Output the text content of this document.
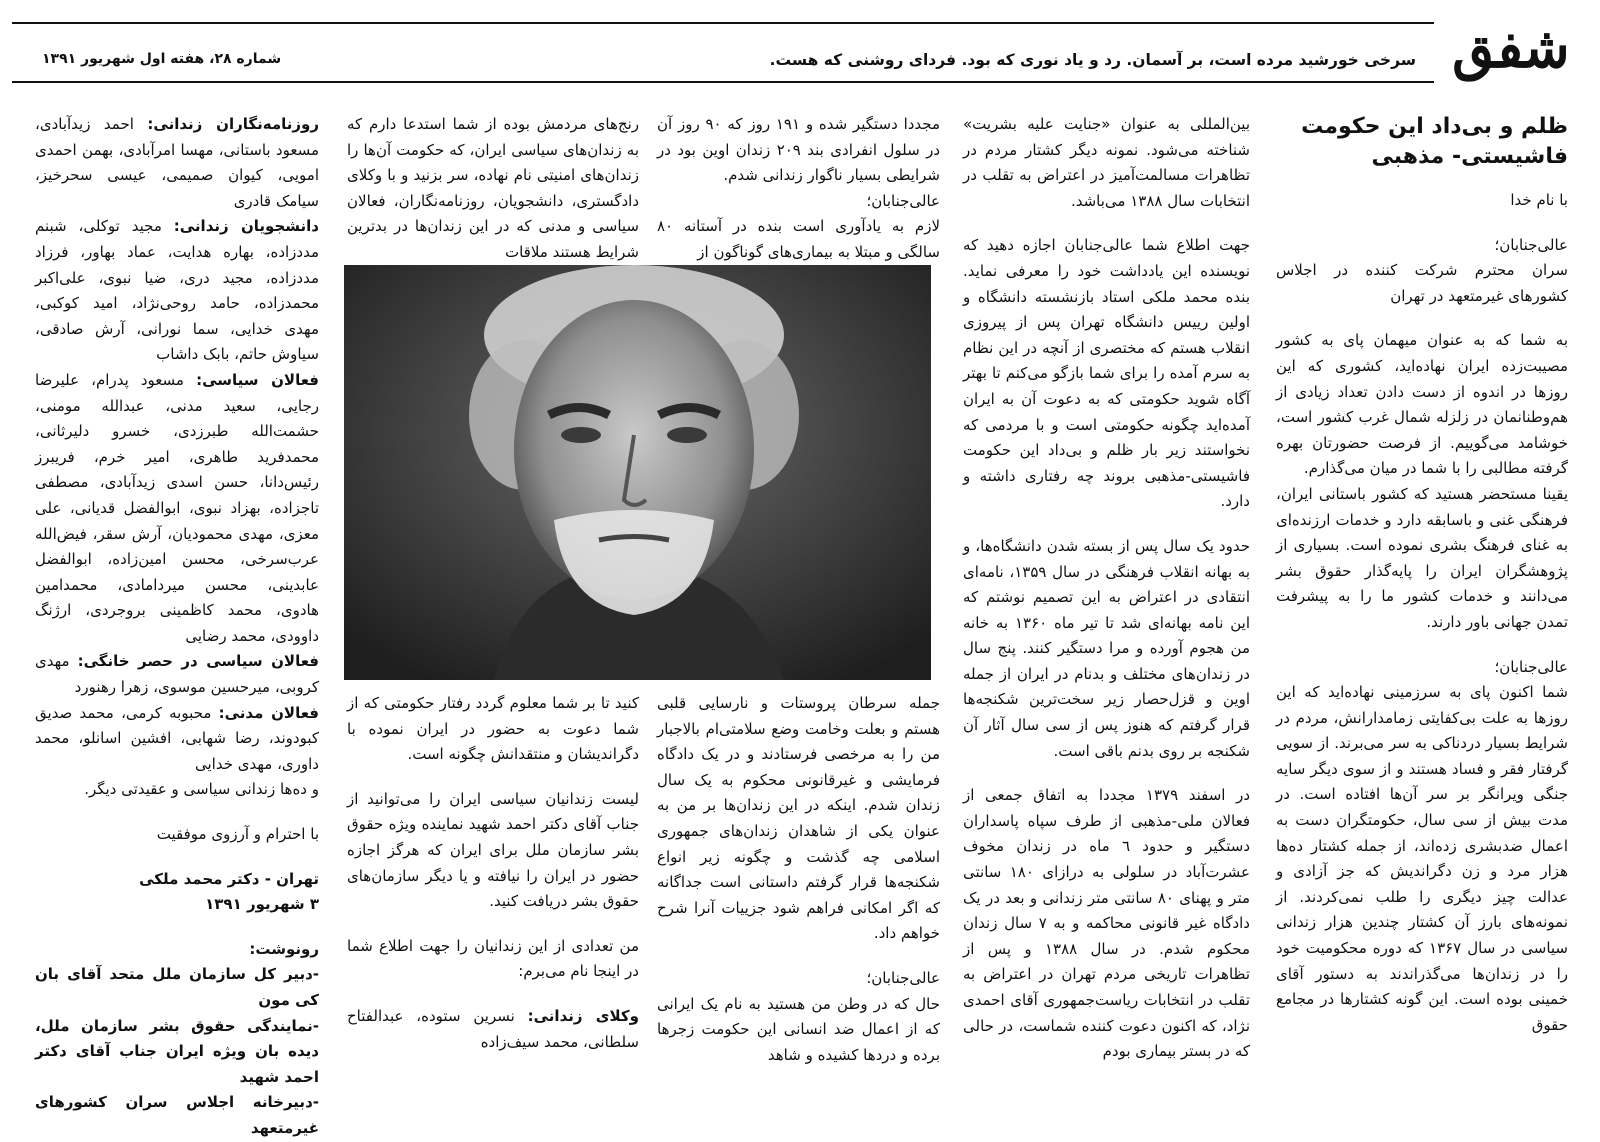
شفق
سرخی خورشید مرده است، بر آسمان. رد و یاد نوری که بود. فردای روشنی که هست.
شماره ۲۸، هفته اول شهریور ۱۳۹۱
ظلم و بی‌داد این حکومت
فاشیستی- مذهبی

با نام خدا

عالی‌جنابان؛

سران محترم شرکت کننده در اجلاس کشورهای غیرمتعهد در تهران

به شما که به عنوان میهمان پای به کشور مصیبت‌زده ایران نهاده‌اید، کشوری که این روزها در اندوه از دست دادن تعداد زیادی از هم‌وطنانمان در زلزله شمال غرب کشور است، خوشامد می‌گوییم. از فرصت حضورتان بهره گرفته مطالبی را با شما در میان می‌گذارم.

یقینا مستحضر هستید که کشور باستانی ایران، فرهنگی غنی و باسابقه دارد و خدمات ارزنده‌ای به غنای فرهنگ بشری نموده است. بسیاری از پژوهشگران ایران را پایه‌گذار حقوق بشر می‌دانند و خدمات کشور ما را به پیشرفت تمدن جهانی باور دارند.

عالی‌جنابان؛

شما اکنون پای به سرزمینی نهاده‌اید که این روزها به علت بی‌کفایتی زمامدارانش، مردم در شرایط بسیار دردناکی به سر می‌برند. از سویی گرفتار فقر و فساد هستند و از سوی دیگر سایه جنگی ویرانگر بر سر آن‌ها افتاده است. در مدت بیش از سی سال، حکومتگران دست به اعمال ضدبشری زده‌اند، از جمله کشتار ده‌ها هزار مرد و زن دگراندیش که جز آزادی و عدالت چیز دیگری را طلب نمی‌کردند. از نمونه‌های بارز آن کشتار چندین هزار زندانی سیاسی در سال ۱۳۶۷ که دوره محکومیت خود را در زندان‌ها می‌گذراندند به دستور آقای خمینی بوده است. این گونه کشتارها در مجامع حقوق

بین‌المللی به عنوان «جنایت علیه بشریت» شناخته می‌شود. نمونه دیگر کشتار مردم در تظاهرات مسالمت‌آمیز در اعتراض به تقلب در انتخابات سال ۱۳۸۸ می‌باشد.

جهت اطلاع شما عالی‌جنابان اجازه دهید که نویسنده این یادداشت خود را معرفی نماید. بنده محمد ملکی استاد بازنشسته دانشگاه و اولین رییس دانشگاه تهران پس از پیروزی انقلاب هستم که مختصری از آنچه در این نظام به سرم آمده را برای شما بازگو می‌کنم تا بهتر آگاه شوید حکومتی که به دعوت آن به ایران آمده‌اید چگونه حکومتی است و با مردمی که نخواستند زیر بار ظلم و بی‌داد این حکومت فاشیستی-مذهبی بروند چه رفتاری داشته و دارد.

حدود یک سال پس از بسته شدن دانشگاه‌ها، و به بهانه انقلاب فرهنگی در سال ۱۳۵۹، نامه‌ای انتقادی در اعتراض به این تصمیم نوشتم که این نامه بهانه‌ای شد تا تیر ماه ۱۳۶۰ به خانه من هجوم آورده و مرا دستگیر کنند. پنج سال در زندان‌های مختلف و بدنام در ایران از جمله اوین و قزل‌حصار زیر سخت‌ترین شکنجه‌ها قرار گرفتم که هنوز پس از سی سال آثار آن شکنجه بر روی بدنم باقی است.

در اسفند ۱۳۷۹ مجددا به اتفاق جمعی از فعالان ملی-مذهبی از طرف سپاه پاسداران دستگیر و حدود ٦ ماه در زندان مخوف عشرت‌آباد در سلولی به درازای ۱۸۰ سانتی متر و پهنای ۸۰ سانتی متر زندانی و بعد در یک دادگاه غیر قانونی محاکمه و به ۷ سال زندان محکوم شدم. در سال ۱۳۸۸ و پس از تظاهرات تاریخی مردم تهران در اعتراض به تقلب در انتخابات ریاست‌جمهوری آقای احمدی نژاد، که اکنون دعوت کننده شماست، در حالی که در بستر بیماری بودم

مجددا دستگیر شده و ۱۹۱ روز که ۹۰ روز آن در سلول انفرادی بند ۲۰۹ زندان اوین بود در شرایطی بسیار ناگوار زندانی شدم.

عالی‌جنابان؛

لازم به یادآوری است بنده در آستانه ۸۰ سالگی و مبتلا به بیماری‌های گوناگون از

رنج‌های مردمش بوده از شما استدعا دارم که به زندان‌های سیاسی ایران، که حکومت آن‌ها را زندان‌های امنیتی نام نهاده، سر بزنید و با وکلای دادگستری، دانشجویان، روزنامه‌نگاران، فعالان سیاسی و مدنی که در این زندان‌ها در بدترین شرایط هستند ملاقات

جمله سرطان پروستات و نارسایی قلبی هستم و بعلت وخامت وضع سلامتی‌ام بالاجبار من را به مرخصی فرستادند و در یک دادگاه فرمایشی و غیرقانونی محکوم به یک سال زندان شدم. اینکه در این زندان‌ها بر من به عنوان یکی از شاهدان زندان‌های جمهوری اسلامی چه گذشت و چگونه زیر انواع شکنجه‌ها قرار گرفتم داستانی است جداگانه که اگر امکانی فراهم شود جزییات آنرا شرح خواهم داد.

عالی‌جنابان؛

حال که در وطن من هستید به نام یک ایرانی که از اعمال ضد انسانی این حکومت زجرها برده و دردها کشیده و شاهد

کنید تا بر شما معلوم گردد رفتار حکومتی که از شما دعوت به حضور در ایران نموده با دگراندیشان و منتقدانش چگونه است.

لیست زندانیان سیاسی ایران را می‌توانید از جناب آقای دکتر احمد شهید نماینده ویژه حقوق بشر سازمان ملل برای ایران که هرگز اجازه حضور در ایران را نیافته و یا دیگر سازمان‌های حقوق بشر دریافت کنید.

من تعدادی از این زندانیان را جهت اطلاع شما در اینجا نام می‌برم:

وکلای زندانی: نسرین ستوده، عبدالفتاح سلطانی، محمد سیف‌زاده

روزنامه‌نگاران زندانی: احمد زیدآبادی، مسعود باستانی، مهسا امرآبادی، بهمن احمدی امویی، کیوان صمیمی، عیسی سحرخیز، سیامک قادری

دانشجویان زندانی: مجید توکلی، شبنم مددزاده، بهاره هدایت، عماد بهاور، فرزاد مددزاده، مجید دری، ضیا نبوی، علی‌اکبر محمدزاده، حامد روحی‌نژاد، امید کوکبی، مهدی خدایی، سما نورانی، آرش صادقی، سیاوش حاتم، بابک داشاب

فعالان سیاسی: مسعود پدرام، علیرضا رجایی، سعید مدنی، عبدالله مومنی، حشمت‌الله طبرزدی، خسرو دلیرثانی، محمدفرید طاهری، امیر خرم، فریبرز رئیس‌دانا، حسن اسدی زیدآبادی، مصطفی تاجزاده، بهزاد نبوی، ابوالفضل قدیانی، علی معزی، مهدی محمودیان، آرش سقر، فیض‌الله عرب‌سرخی، محسن امین‌زاده، ابوالفضل عابدینی، محسن میردامادی، محمدامین هادوی، محمد کاظمینی بروجردی، ارژنگ داوودی، محمد رضایی

فعالان سیاسی در حصر خانگی: مهدی کروبی، میرحسین موسوی، زهرا رهنورد

فعالان مدنی: محبوبه کرمی، محمد صدیق کبودوند، رضا شهابی، افشین اسانلو، محمد داوری، مهدی خدایی

و ده‌ها زندانی سیاسی و عقیدتی دیگر.

با احترام و آرزوی موفقیت

تهران - دکتر محمد ملکی

۳ شهریور ۱۳۹۱

رونوشت:

-دبیر کل سازمان ملل متحد آقای بان کی مون

-نمایندگی حقوق بشر سازمان ملل، دیده بان ویژه ایران جناب آقای دکتر احمد شهید

-دبیرخانه اجلاس سران کشورهای غیرمتعهد
